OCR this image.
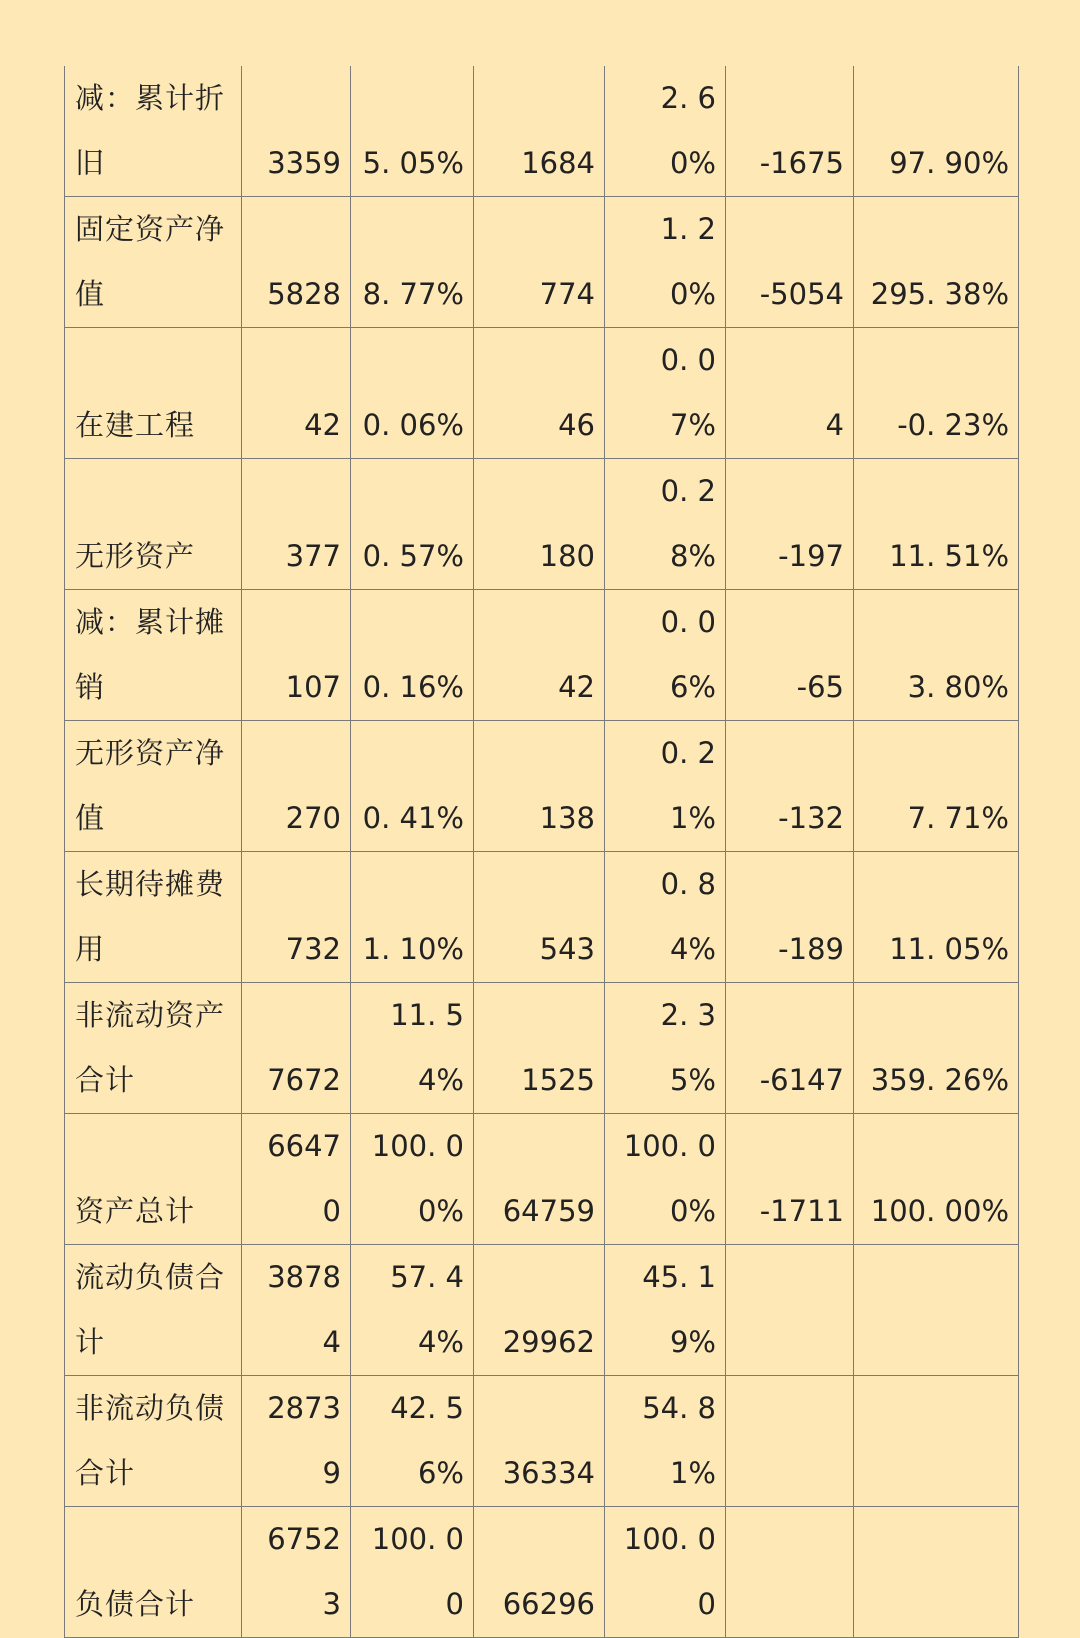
减：累计折旧	3359	5. 05%	1684	2. 60%	-1675	97. 90%
固定资产净值	5828	8. 77%	774	1. 20%	-5054	295. 38%
在建工程	42	0. 06%	46	0. 07%	4	-0. 23%
无形资产	377	0. 57%	180	0. 28%	-197	11. 51%
减：累计摊销	107	0. 16%	42	0. 06%	-65	3. 80%
无形资产净值	270	0. 41%	138	0. 21%	-132	7. 71%
长期待摊费用	732	1. 10%	543	0. 84%	-189	11. 05%
非流动资产合计	7672	11. 54%	1525	2. 35%	-6147	359. 26%
资产总计	66470	100. 00%	64759	100. 00%	-1711	100. 00%
流动负债合计	38784	57. 44%	29962	45. 19%		
非流动负债合计	28739	42. 56%	36334	54. 81%		
负债合计	67523	100. 00	66296	100. 00		
